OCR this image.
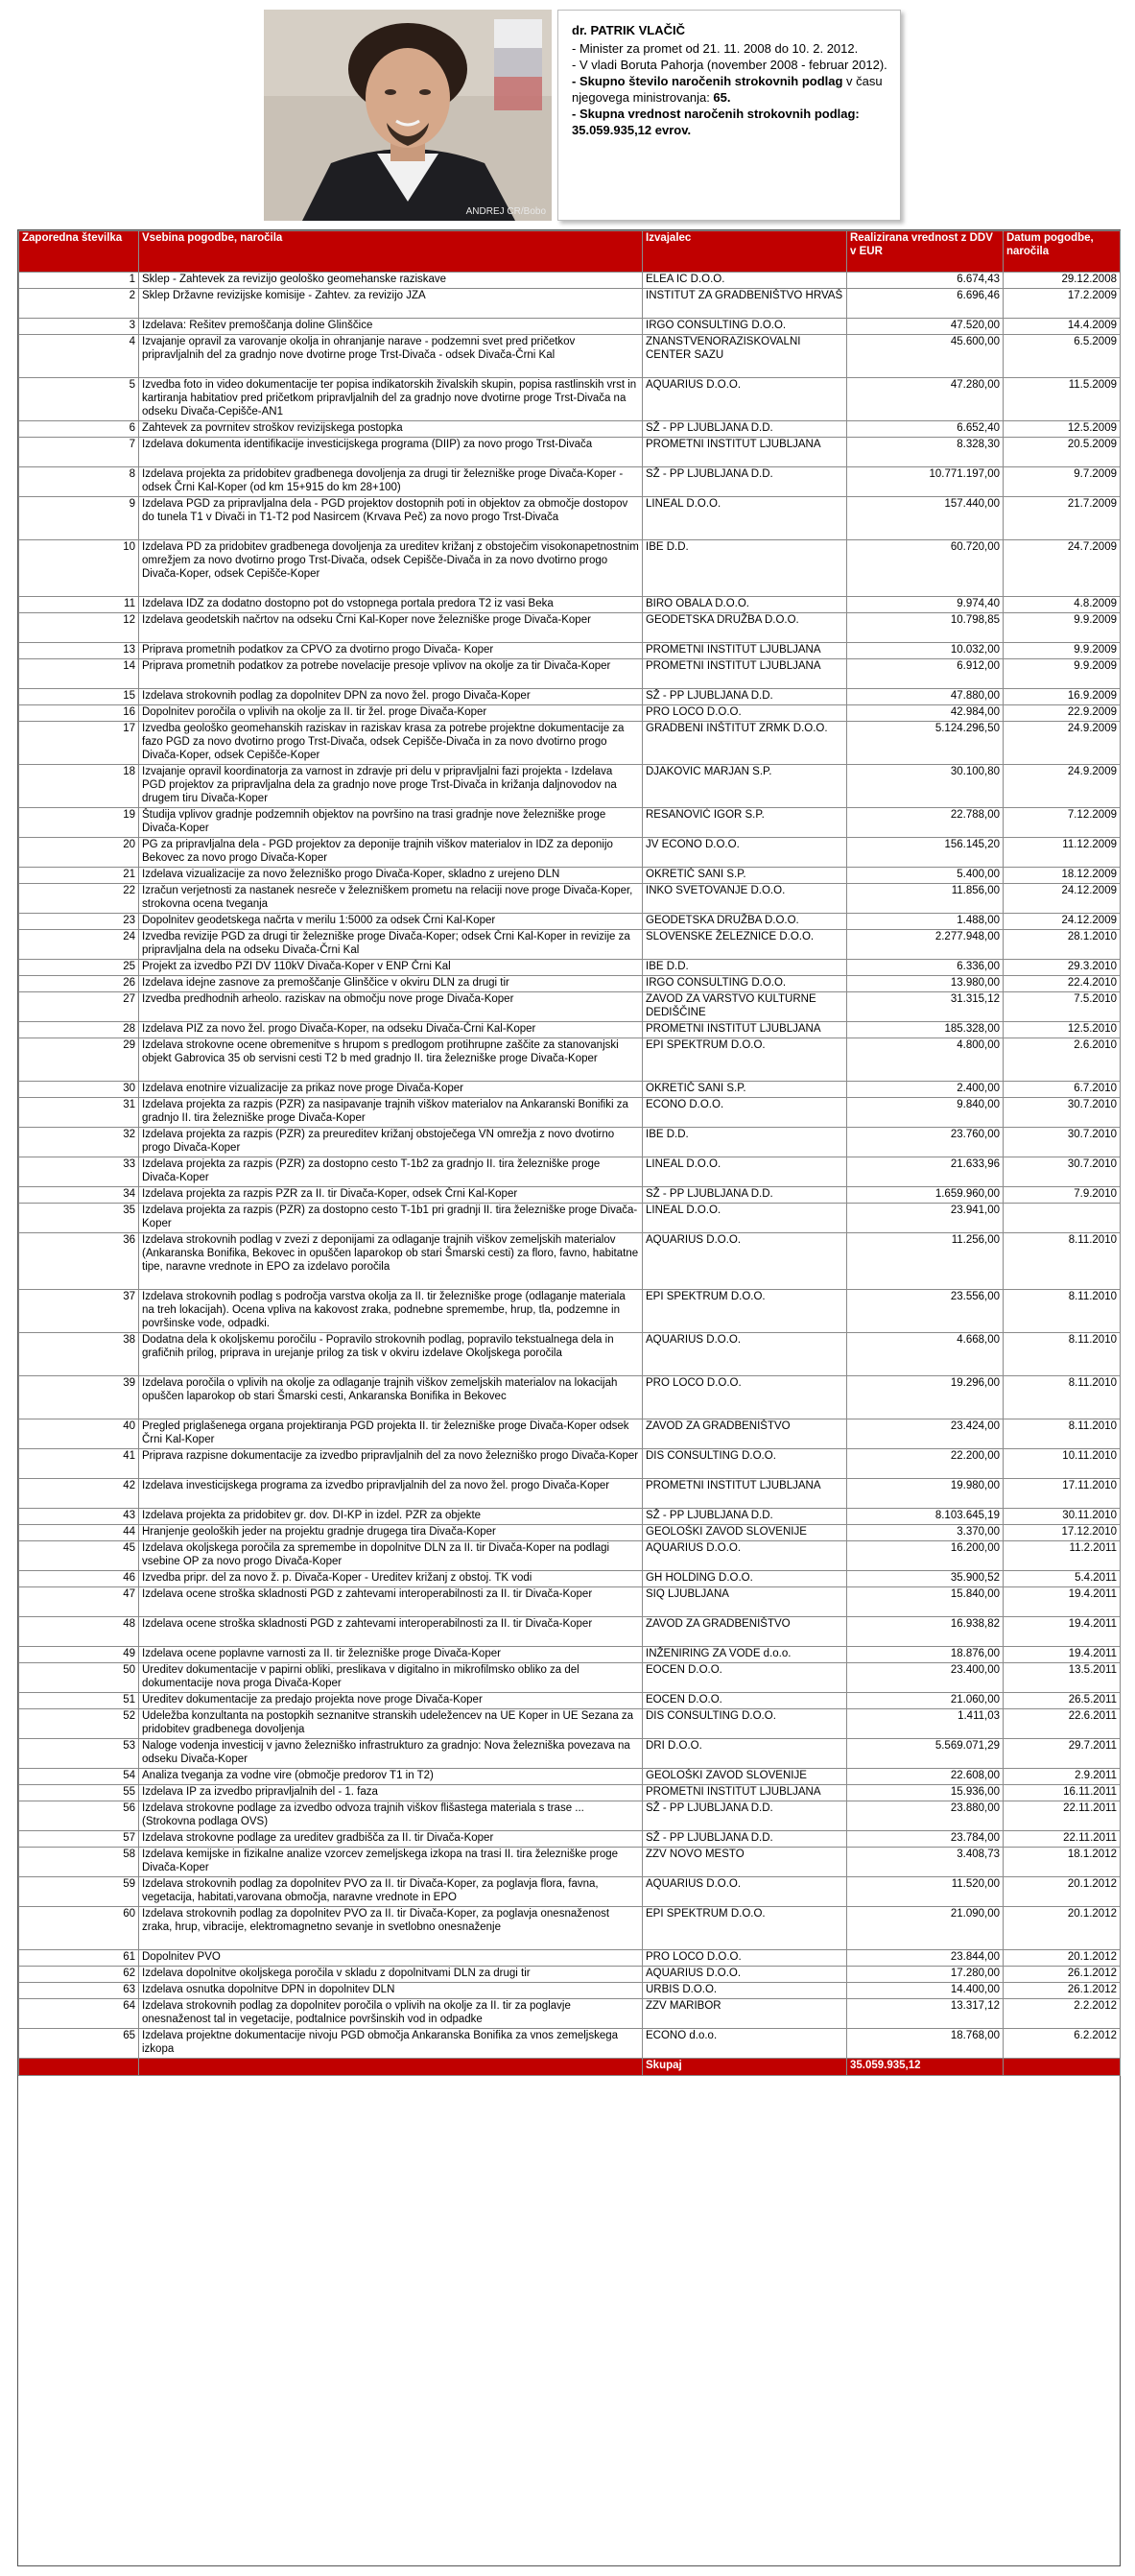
ANDREJ CR/Bobo
dr. PATRIK VLAČIČ
- Minister za promet od 21. 11. 2008 do 10. 2. 2012.
- V vladi Boruta Pahorja (november 2008 - februar 2012).
- Skupno število naročenih strokovnih podlag v času njegovega ministrovanja: 65.
- Skupna vrednost naročenih strokovnih podlag:
35.059.935,12 evrov.
Zaporedna številka	Vsebina pogodbe, naročila	Izvajalec	Realizirana vrednost z DDV v EUR	Datum pogodbe, naročila
1	Sklep - Zahtevek za revizijo geološko geomehanske raziskave	ELEA IC D.O.O.	6.674,43	29.12.2008
2	Sklep Državne revizijske komisije - Zahtev. za revizijo JZA	INSTITUT ZA GRADBENIŠTVO HRVAŠ	6.696,46	17.2.2009
3	Izdelava: Rešitev premoščanja doline Glinščice	IRGO CONSULTING D.O.O.	47.520,00	14.4.2009
4	Izvajanje opravil za varovanje okolja in ohranjanje narave - podzemni svet pred pričetkov pripravljalnih del za gradnjo nove dvotirne proge Trst-Divača - odsek Divača-Črni Kal	ZNANSTVENORAZISKOVALNI CENTER SAZU	45.600,00	6.5.2009
5	Izvedba foto in video dokumentacije ter popisa indikatorskih živalskih skupin, popisa rastlinskih vrst in kartiranja habitatiov pred pričetkom pripravljalnih del za gradnjo nove dvotirne proge Trst-Divača na odseku Divača-Cepišče-AN1	AQUARIUS D.O.O.	47.280,00	11.5.2009
6	Zahtevek za povrnitev stroškov revizijskega postopka	SŽ - PP LJUBLJANA D.D.	6.652,40	12.5.2009
7	Izdelava dokumenta identifikacije investicijskega programa (DIIP) za novo progo Trst-Divača	PROMETNI INSTITUT LJUBLJANA	8.328,30	20.5.2009
8	Izdelava projekta za pridobitev gradbenega dovoljenja za drugi tir železniške proge Divača-Koper - odsek Črni Kal-Koper (od km 15+915 do km 28+100)	SŽ - PP LJUBLJANA D.D.	10.771.197,00	9.7.2009
9	Izdelava PGD za pripravljalna dela - PGD projektov dostopnih poti in objektov za območje dostopov do tunela T1 v Divači in T1-T2 pod Nasircem (Krvava Peč) za novo progo Trst-Divača	LINEAL D.O.O.	157.440,00	21.7.2009
10	Izdelava PD za pridobitev gradbenega dovoljenja za ureditev križanj z obstoječim visokonapetnostnim omrežjem za novo dvotirno progo Trst-Divača, odsek Cepišče-Divača in za novo dvotirno progo Divača-Koper, odsek Cepišče-Koper	IBE D.D.	60.720,00	24.7.2009
11	Izdelava IDZ za dodatno dostopno pot do vstopnega portala predora T2 iz vasi Beka	BIRO OBALA D.O.O.	9.974,40	4.8.2009
12	Izdelava geodetskih načrtov na odseku Črni Kal-Koper nove železniške proge Divača-Koper	GEODETSKA DRUŽBA D.O.O.	10.798,85	9.9.2009
13	Priprava prometnih podatkov za CPVO za dvotirno progo Divača- Koper	PROMETNI INSTITUT LJUBLJANA	10.032,00	9.9.2009
14	Priprava prometnih podatkov za potrebe novelacije presoje vplivov na okolje za tir Divača-Koper	PROMETNI INSTITUT LJUBLJANA	6.912,00	9.9.2009
15	Izdelava strokovnih podlag za dopolnitev DPN za novo žel. progo Divača-Koper	SŽ - PP LJUBLJANA D.D.	47.880,00	16.9.2009
16	Dopolnitev poročila o vplivih na okolje za II. tir žel. proge Divača-Koper	PRO LOCO D.O.O.	42.984,00	22.9.2009
17	Izvedba geološko geomehanskih raziskav in raziskav krasa za potrebe projektne dokumentacije za fazo PGD za novo dvotirno progo Trst-Divača, odsek Cepišče-Divača in za novo dvotirno progo Divača-Koper, odsek Cepišče-Koper	GRADBENI INŠTITUT ZRMK D.O.O.	5.124.296,50	24.9.2009
18	Izvajanje opravil koordinatorja za varnost in zdravje pri delu v pripravljalni fazi projekta - Izdelava PGD projektov za pripravljalna dela za gradnjo nove proge Trst-Divača in križanja daljnovodov na drugem tiru Divača-Koper	DJAKOVIC MARJAN S.P.	30.100,80	24.9.2009
19	Študija vplivov gradnje podzemnih objektov na površino na trasi gradnje nove železniške proge Divača-Koper	RESANOVIĆ IGOR S.P.	22.788,00	7.12.2009
20	PG za pripravljalna dela - PGD projektov za deponije trajnih viškov materialov in IDZ za deponijo Bekovec za novo progo Divača-Koper	JV ECONO D.O.O.	156.145,20	11.12.2009
21	Izdelava vizualizacije za novo železniško progo Divača-Koper, skladno z urejeno DLN	OKRETIČ SANI S.P.	5.400,00	18.12.2009
22	Izračun verjetnosti za nastanek nesreče v železniškem prometu na relaciji nove proge Divača-Koper, strokovna ocena tveganja	INKO SVETOVANJE D.O.O.	11.856,00	24.12.2009
23	Dopolnitev geodetskega načrta v merilu 1:5000 za odsek Črni Kal-Koper	GEODETSKA DRUŽBA D.O.O.	1.488,00	24.12.2009
24	Izvedba revizije PGD za drugi tir železniške proge Divača-Koper; odsek Črni Kal-Koper in revizije za pripravljalna dela na odseku Divača-Črni Kal	SLOVENSKE ŽELEZNICE D.O.O.	2.277.948,00	28.1.2010
25	Projekt za izvedbo PZI DV 110kV Divača-Koper v ENP Črni Kal	IBE D.D.	6.336,00	29.3.2010
26	Izdelava idejne zasnove za premoščanje Glinščice v okviru DLN za drugi tir	IRGO CONSULTING D.O.O.	13.980,00	22.4.2010
27	Izvedba predhodnih arheolo. raziskav na območju nove proge Divača-Koper	ZAVOD ZA VARSTVO KULTURNE DEDIŠČINE	31.315,12	7.5.2010
28	Izdelava PIZ za novo žel. progo Divača-Koper, na odseku Divača-Črni Kal-Koper	PROMETNI INSTITUT LJUBLJANA	185.328,00	12.5.2010
29	Izdelava strokovne ocene obremenitve s hrupom s predlogom protihrupne zaščite za stanovanjski objekt Gabrovica 35 ob servisni cesti T2 b med gradnjo II. tira železniške proge Divača-Koper	EPI SPEKTRUM D.O.O.	4.800,00	2.6.2010
30	Izdelava enotnire vizualizacije za prikaz nove proge Divača-Koper	OKRETIČ SANI S.P.	2.400,00	6.7.2010
31	Izdelava projekta za razpis (PZR) za nasipavanje trajnih viškov materialov na Ankaranski Bonifiki za gradnjo II. tira železniške proge Divača-Koper	ECONO D.O.O.	9.840,00	30.7.2010
32	Izdelava projekta za razpis (PZR) za preureditev križanj obstoječega VN omrežja z novo dvotirno progo Divača-Koper	IBE D.D.	23.760,00	30.7.2010
33	Izdelava projekta za razpis (PZR) za dostopno cesto T-1b2 za gradnjo II. tira železniške proge Divača-Koper	LINEAL D.O.O.	21.633,96	30.7.2010
34	Izdelava projekta za razpis PZR za II. tir Divača-Koper, odsek Črni Kal-Koper	SŽ - PP LJUBLJANA D.D.	1.659.960,00	7.9.2010
35	Izdelava projekta za razpis (PZR) za dostopno cesto T-1b1 pri gradnji II. tira železniške proge Divača-Koper	LINEAL D.O.O.	23.941,00	
36	Izdelava strokovnih podlag v zvezi z deponijami za odlaganje trajnih viškov zemeljskih materialov (Ankaranska Bonifika, Bekovec in opuščen laparokop ob stari Šmarski cesti) za floro, favno, habitatne tipe, naravne vrednote in EPO za izdelavo poročila	AQUARIUS D.O.O.	11.256,00	8.11.2010
37	Izdelava strokovnih podlag s področja varstva okolja za II. tir železniške proge (odlaganje materiala na treh lokacijah). Ocena vpliva na kakovost zraka, podnebne spremembe, hrup, tla, podzemne in površinske vode, odpadki.	EPI SPEKTRUM D.O.O.	23.556,00	8.11.2010
38	Dodatna dela k okoljskemu poročilu - Popravilo strokovnih podlag, popravilo tekstualnega dela in grafičnih prilog, priprava in urejanje prilog za tisk v okviru izdelave Okoljskega poročila	AQUARIUS D.O.O.	4.668,00	8.11.2010
39	Izdelava poročila o vplivih na okolje za odlaganje trajnih viškov zemeljskih materialov na lokacijah opuščen laparokop ob stari Šmarski cesti, Ankaranska Bonifika in Bekovec	PRO LOCO D.O.O.	19.296,00	8.11.2010
40	Pregled priglašenega organa projektiranja PGD projekta II. tir železniške proge Divača-Koper odsek Črni Kal-Koper	ZAVOD ZA GRADBENIŠTVO	23.424,00	8.11.2010
41	Priprava razpisne dokumentacije za izvedbo pripravljalnih del za novo železniško progo Divača-Koper	DIS CONSULTING D.O.O.	22.200,00	10.11.2010
42	Izdelava investicijskega programa za izvedbo pripravljalnih del za novo žel. progo Divača-Koper	PROMETNI INSTITUT LJUBLJANA	19.980,00	17.11.2010
43	Izdelava projekta za pridobitev gr. dov. DI-KP in izdel. PZR za objekte	SŽ - PP LJUBLJANA D.D.	8.103.645,19	30.11.2010
44	Hranjenje geoloških jeder na projektu gradnje drugega tira Divača-Koper	GEOLOŠKI ZAVOD SLOVENIJE	3.370,00	17.12.2010
45	Izdelava okoljskega poročila za spremembe in dopolnitve DLN za II. tir Divača-Koper na podlagi vsebine OP za novo progo Divača-Koper	AQUARIUS D.O.O.	16.200,00	11.2.2011
46	Izvedba pripr. del za novo ž. p. Divača-Koper - Ureditev križanj z obstoj. TK vodi	GH HOLDING D.O.O.	35.900,52	5.4.2011
47	Izdelava ocene stroška skladnosti PGD z zahtevami interoperabilnosti za II. tir Divača-Koper	SIQ LJUBLJANA	15.840,00	19.4.2011
48	Izdelava ocene stroška skladnosti PGD z zahtevami interoperabilnosti za II. tir Divača-Koper	ZAVOD ZA GRADBENIŠTVO	16.938,82	19.4.2011
49	Izdelava ocene poplavne varnosti za II. tir železniške proge Divača-Koper	INŽENIRING ZA VODE d.o.o.	18.876,00	19.4.2011
50	Ureditev dokumentacije v papirni obliki, preslikava v digitalno in mikrofilmsko obliko za del dokumentacije nova proga Divača-Koper	EOCEN D.O.O.	23.400,00	13.5.2011
51	Ureditev dokumentacije za predajo projekta nove proge Divača-Koper	EOCEN D.O.O.	21.060,00	26.5.2011
52	Udeležba konzultanta na postopkih seznanitve stranskih udeležencev na UE Koper in UE Sezana za pridobitev gradbenega dovoljenja	DIS CONSULTING D.O.O.	1.411,03	22.6.2011
53	Naloge vodenja investicij v javno železniško infrastrukturo za gradnjo: Nova železniška povezava na odseku Divača-Koper	DRI D.O.O.	5.569.071,29	29.7.2011
54	Analiza tveganja za vodne vire (območje predorov T1 in T2)	GEOLOŠKI ZAVOD SLOVENIJE	22.608,00	2.9.2011
55	Izdelava IP za izvedbo pripravljalnih del - 1. faza	PROMETNI INSTITUT LJUBLJANA	15.936,00	16.11.2011
56	Izdelava strokovne podlage za izvedbo odvoza trajnih viškov flišastega materiala s trase ... (Strokovna podlaga OVS)	SŽ - PP LJUBLJANA D.D.	23.880,00	22.11.2011
57	Izdelava strokovne podlage za ureditev gradbišča za II. tir Divača-Koper	SŽ - PP LJUBLJANA D.D.	23.784,00	22.11.2011
58	Izdelava kemijske in fizikalne analize vzorcev zemeljskega izkopa na trasi II. tira železniške proge Divača-Koper	ZZV NOVO MESTO	3.408,73	18.1.2012
59	Izdelava strokovnih podlag za dopolnitev PVO za II. tir Divača-Koper, za poglavja flora, favna, vegetacija, habitati,varovana območja, naravne vrednote in EPO	AQUARIUS D.O.O.	11.520,00	20.1.2012
60	Izdelava strokovnih podlag za dopolnitev PVO za II. tir Divača-Koper, za poglavja onesnaženost zraka, hrup, vibracije, elektromagnetno sevanje in svetlobno onesnaženje	EPI SPEKTRUM D.O.O.	21.090,00	20.1.2012
61	Dopolnitev PVO	PRO LOCO D.O.O.	23.844,00	20.1.2012
62	Izdelava dopolnitve okoljskega poročila v skladu z dopolnitvami DLN za drugi tir	AQUARIUS D.O.O.	17.280,00	26.1.2012
63	Izdelava osnutka dopolnitve DPN in dopolnitev DLN	URBIS D.O.O.	14.400,00	26.1.2012
64	Izdelava strokovnih podlag za dopolnitev poročila o vplivih na okolje za II. tir za poglavje onesnaženost tal in vegetacije, podtalnice površinskih vod in odpadke	ZZV MARIBOR	13.317,12	2.2.2012
65	Izdelava projektne dokumentacije nivoju PGD območja Ankaranska Bonifika za vnos zemeljskega izkopa	ECONO d.o.o.	18.768,00	6.2.2012
		Skupaj	35.059.935,12	
